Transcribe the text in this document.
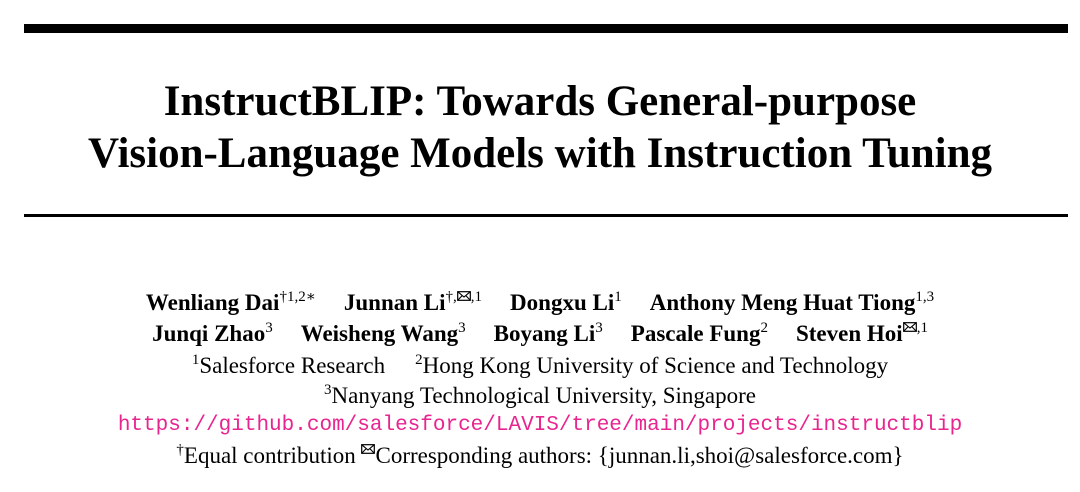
InstructBLIP: Towards General-purpose
Vision-Language Models with Instruction Tuning
Wenliang Dai$^{\dagger 1,2∗}$ Junnan $Li^{\dagger, ,1}$ Dongxu Li$^1$ Anthony Meng Huat Tiong$^{1,3}$
Junqi Zhao$^3$ Weisheng Wang$^3$ Boyang Li$^3$ Pascale Fung$^2$ Steven Hoi $^{,1}$
$^1$Salesforce Research $^2$Hong Kong University of Science and Technology
$^3$Nanyang Technological University, Singapore
https://github.com/salesforce/LAVIS/tree/main/projects/instructblip
†Equal contribution Corresponding authors: {junnan.li,shoi@salesforce.com}
